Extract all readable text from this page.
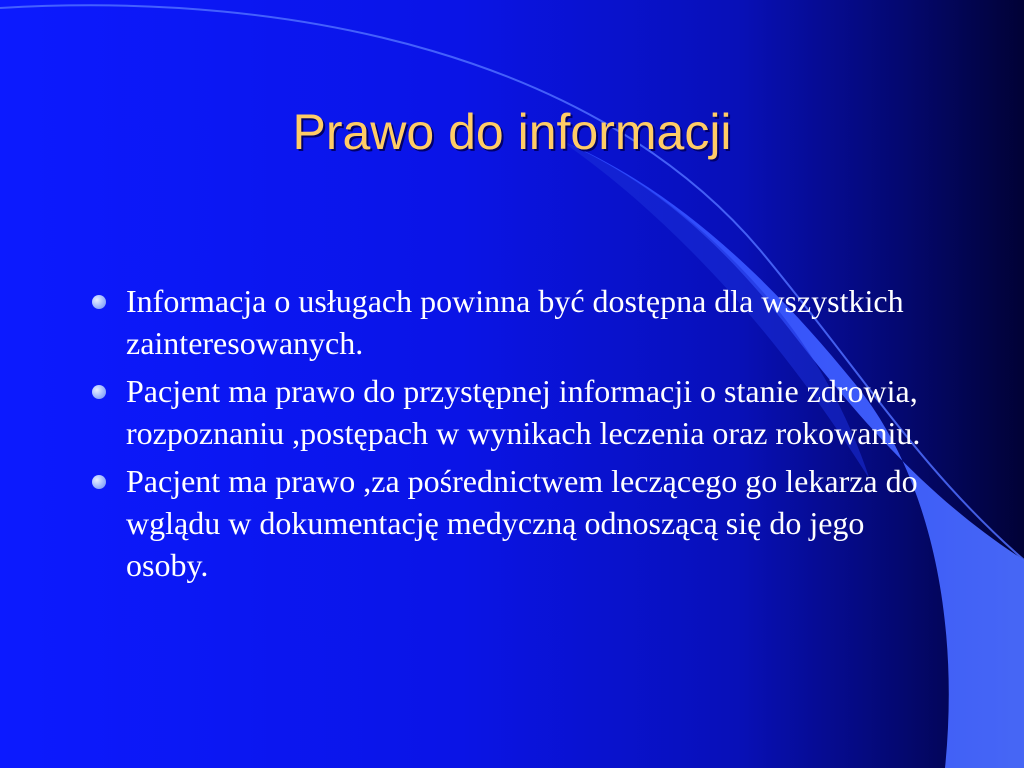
Prawo do informacji
Informacja o usługach powinna być dostępna dla wszystkich zainteresowanych.
Pacjent ma prawo do przystępnej informacji o stanie zdrowia, rozpoznaniu ,postępach w wynikach leczenia oraz rokowaniu.
Pacjent ma prawo ,za pośrednictwem leczącego go lekarza do wglądu w dokumentację medyczną odnoszącą się do jego osoby.
